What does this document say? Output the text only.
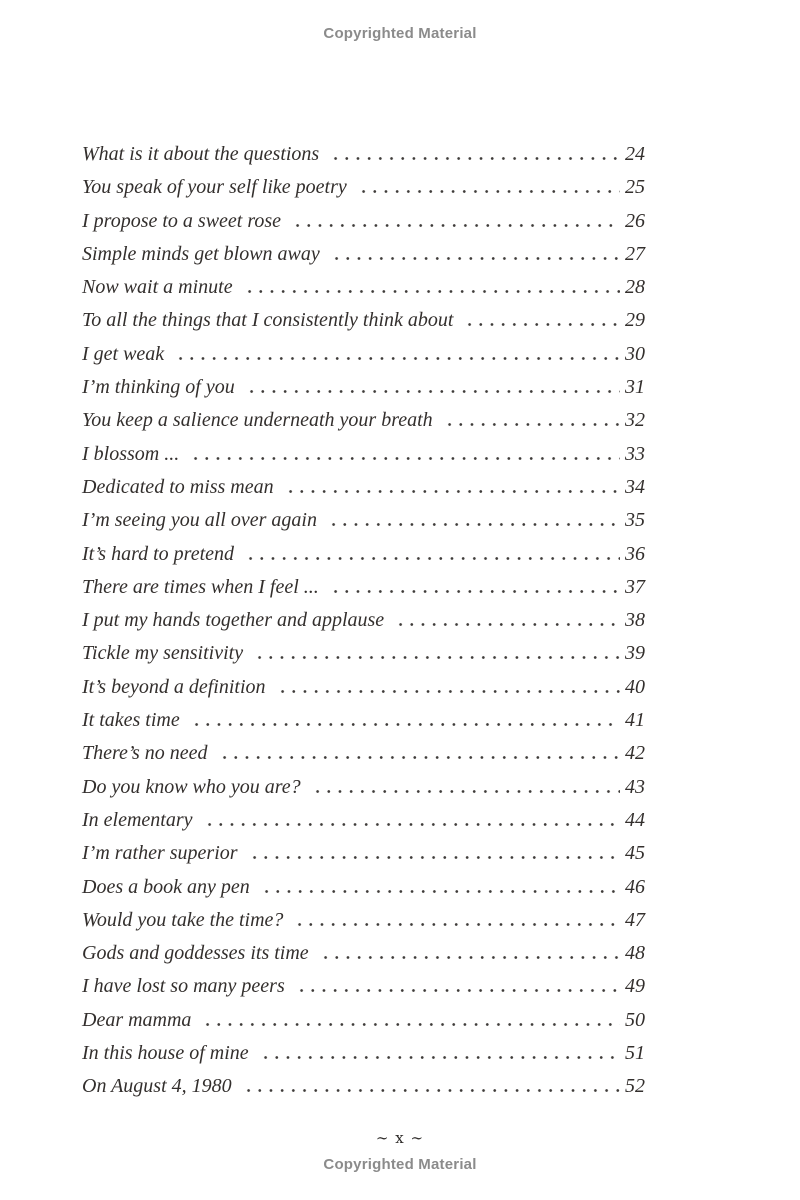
Copyrighted Material
What is it about the questions	24
You speak of your self like poetry	25
I propose to a sweet rose	26
Simple minds get blown away	27
Now wait a minute	28
To all the things that I consistently think about	29
I get weak	30
I’m thinking of you	31
You keep a salience underneath your breath	32
I blossom ...	33
Dedicated to miss mean	34
I’m seeing you all over again	35
It’s hard to pretend	36
There are times when I feel ...	37
I put my hands together and applause	38
Tickle my sensitivity	39
It’s beyond a definition	40
It takes time	41
There’s no need	42
Do you know who you are?	43
In elementary	44
I’m rather superior	45
Does a book any pen	46
Would you take the time?	47
Gods and goddesses its time	48
I have lost so many peers	49
Dear mamma	50
In this house of mine	51
On August 4, 1980	52
∼ x ∼
Copyrighted Material
